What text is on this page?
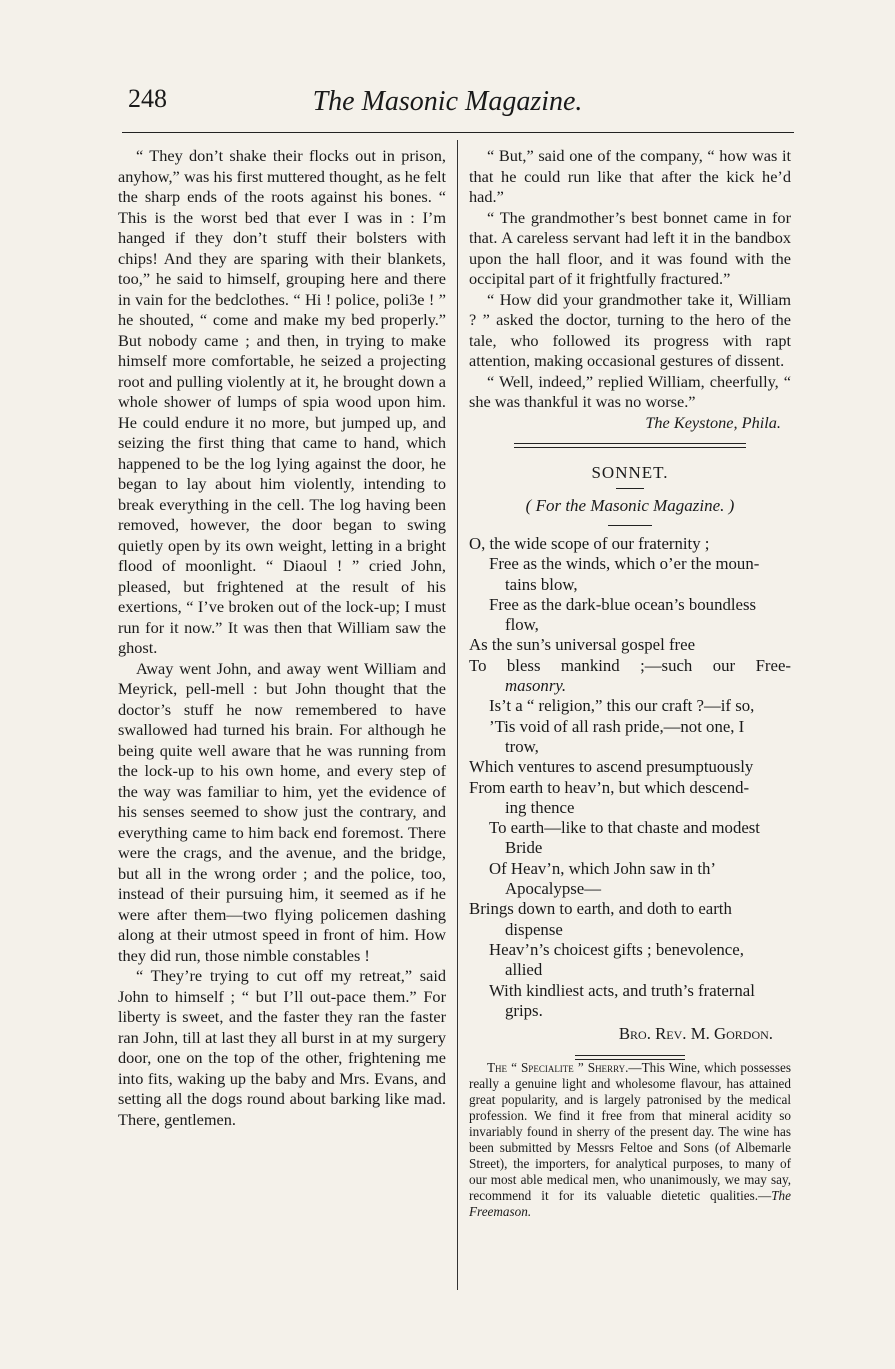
248	The Masonic Magazine.

“ They don’t shake their flocks out in prison, anyhow,” was his first muttered thought, as he felt the sharp ends of the roots against his bones. “ This is the worst bed that ever I was in : I’m hanged if they don’t stuff their bolsters with chips! And they are sparing with their blankets, too,” he said to himself, grouping here and there in vain for the bedclothes. “ Hi ! police, poli3e ! ” he shouted, “ come and make my bed properly.” But nobody came ; and then, in trying to make himself more comfortable, he seized a projecting root and pulling violently at it, he brought down a whole shower of lumps of spia wood upon him. He could endure it no more, but jumped up, and seizing the first thing that came to hand, which happened to be the log lying against the door, he began to lay about him violently, intending to break everything in the cell. The log having been removed, however, the door began to swing quietly open by its own weight, letting in a bright flood of moonlight. “ Diaoul ! ” cried John, pleased, but frightened at the result of his exertions, “ I’ve broken out of the lock-up; I must run for it now.” It was then that William saw the ghost.

Away went John, and away went William and Meyrick, pell-mell : but John thought that the doctor’s stuff he now remembered to have swallowed had turned his brain. For although he being quite well aware that he was running from the lock-up to his own home, and every step of the way was familiar to him, yet the evidence of his senses seemed to show just the contrary, and everything came to him back end foremost. There were the crags, and the avenue, and the bridge, but all in the wrong order ; and the police, too, instead of their pursuing him, it seemed as if he were after them—two flying policemen dashing along at their utmost speed in front of him. How they did run, those nimble constables !

“ They’re trying to cut off my retreat,” said John to himself ; “ but I’ll out-pace them.” For liberty is sweet, and the faster they ran the faster ran John, till at last they all burst in at my surgery door, one on the top of the other, frightening me into fits, waking up the baby and Mrs. Evans, and setting all the dogs round about barking like mad. There, gentlemen.

“ But,” said one of the company, “ how was it that he could run like that after the kick he’d had.”

“ The grandmother’s best bonnet came in for that. A careless servant had left it in the bandbox upon the hall floor, and it was found with the occipital part of it frightfully fractured.”

“ How did your grandmother take it, William ? ” asked the doctor, turning to the hero of the tale, who followed its progress with rapt attention, making occasional gestures of dissent.

“ Well, indeed,” replied William, cheerfully, “ she was thankful it was no worse.”

The Keystone, Phila.

SONNET.
( For the Masonic Magazine. )
O, the wide scope of our fraternity ;
Free as the winds, which o’er the moun-
tains blow,
Free as the dark-blue ocean’s boundless
flow,
As the sun’s universal gospel free
To bless mankind ;—such our Free-
masonry.
Is’t a “ religion,” this our craft ?—if so,
’Tis void of all rash pride,—not one, I
trow,
Which ventures to ascend presumptuously
From earth to heav’n, but which descend-
ing thence
To earth—like to that chaste and modest
Bride
Of Heav’n, which John saw in th’
Apocalypse—
Brings down to earth, and doth to earth
dispense
Heav’n’s choicest gifts ; benevolence,
allied
With kindliest acts, and truth’s fraternal
grips.
Bro. Rev. M. Gordon.

The “ Specialite ” Sherry.—This Wine, which possesses really a genuine light and wholesome flavour, has attained great popularity, and is largely patronised by the medical profession. We find it free from that mineral acidity so invariably found in sherry of the present day. The wine has been submitted by Messrs Feltoe and Sons (of Albemarle Street), the importers, for analytical purposes, to many of our most able medical men, who unanimously, we may say, recommend it for its valuable dietetic qualities.—The Freemason.
